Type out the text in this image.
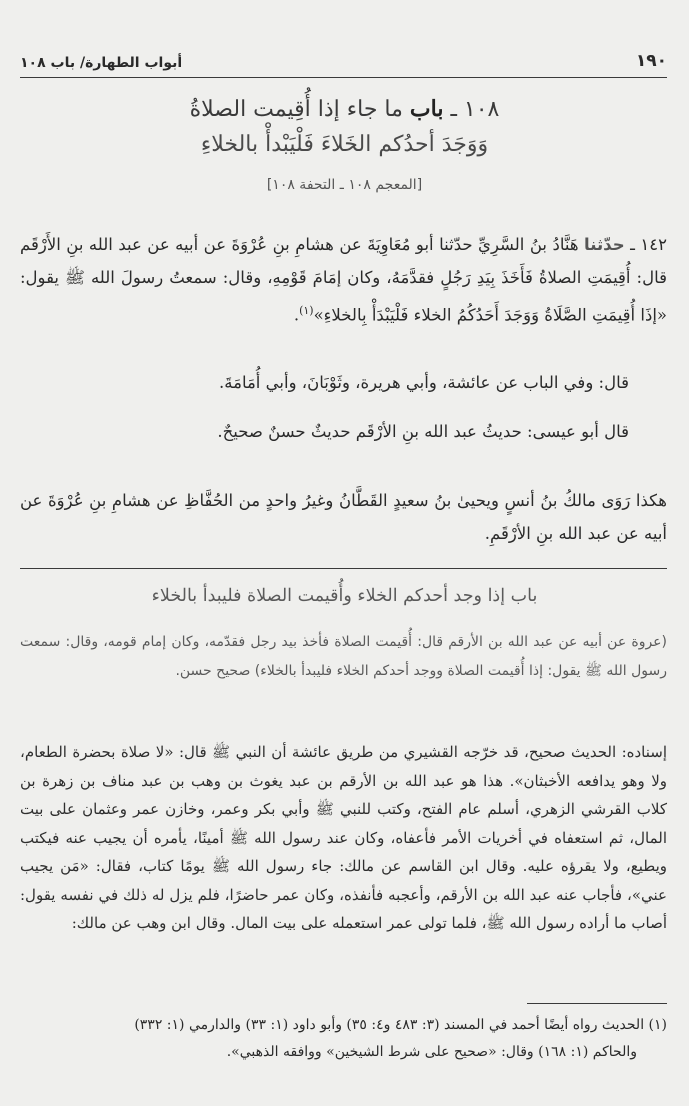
١٩٠
أبواب الطهارة/ باب ١٠٨
١٠٨ ـ باب ما جاء إذا أُقِيمت الصلاةُ
وَوَجَدَ أحدُكم الخَلاءَ فَلْيَبْدأْ بالخلاءِ
[المعجم ١٠٨ ـ التحفة ١٠٨]
١٤٢ ـ حدّثنا هَنَّادُ بنُ السَّرِيِّ حدّثنا أبو مُعَاوِيَةَ عن هشامِ بنِ عُرْوَةَ عن أبيه عن عبد الله بنِ الأَرْقَم قال: أُقِيمَتِ الصلاةُ فَأَخَذَ بِيَدِ رَجُلٍ فقدَّمَهُ، وكان إمَامَ قَوْمِهِ، وقال: سمعتُ رسولَ الله ﷺ يقول: «إذَا أُقِيمَتِ الصَّلَاةُ وَوَجَدَ أَحَدُكُمُ الخلاء فَلْيَبْدَأْ بِالخلاءِ»$^{(١)}$.
قال: وفي الباب عن عائشة، وأبي هريرة، وثَوْبَانَ، وأبي أُمَامَةَ.
قال أبو عيسى: حديثُ عبد الله بنِ الأرْقَم حديثٌ حسنٌ صحيحٌ.
هكذا رَوَى مالكُ بنُ أنسٍ ويحيىٰ بنُ سعيدٍ القَطَّانُ وغيرُ واحدٍ من الحُفَّاظِ عن هشامِ بنِ عُرْوَةَ عن أبيه عن عبد الله بنِ الأرْقَمِ.
باب إذا وجد أحدكم الخلاء وأُقيمت الصلاة فليبدأ بالخلاء
(عروة عن أبيه عن عبد الله بن الأرقم قال: أُقيمت الصلاة فأخذ بيد رجل فقدّمه، وكان إمام قومه، وقال: سمعت رسول الله ﷺ يقول: إذا أُقيمت الصلاة ووجد أحدكم الخلاء فليبدأ بالخلاء) صحيح حسن.
إسناده: الحديث صحيح، قد خرّجه القشيري من طريق عائشة أن النبي ﷺ قال: «لا صلاة بحضرة الطعام، ولا وهو يدافعه الأخبثان». هذا هو عبد الله بن الأرقم بن عبد يغوث بن وهب بن عبد مناف بن زهرة بن كلاب القرشي الزهري، أسلم عام الفتح، وكتب للنبي ﷺ وأبي بكر وعمر، وخازن عمر وعثمان على بيت المال، ثم استعفاه في أخريات الأمر فأعفاه، وكان عند رسول الله ﷺ أمينًا، يأمره أن يجيب عنه فيكتب ويطيع، ولا يقرؤه عليه. وقال ابن القاسم عن مالك: جاء رسول الله ﷺ يومًا كتاب، فقال: «مَن يجيب عني»، فأجاب عنه عبد الله بن الأرقم، وأعجبه فأنفذه، وكان عمر حاضرًا، فلم يزل له ذلك في نفسه يقول: أصاب ما أراده رسول الله ﷺ، فلما تولى عمر استعمله على بيت المال. وقال ابن وهب عن مالك:
(١) الحديث رواه أيضًا أحمد في المسند (٣: ٤٨٣ و٤: ٣٥) وأبو داود (١: ٣٣) والدارمي (١: ٣٣٢)
والحاكم (١: ١٦٨) وقال: «صحيح على شرط الشيخين» ووافقه الذهبي».
